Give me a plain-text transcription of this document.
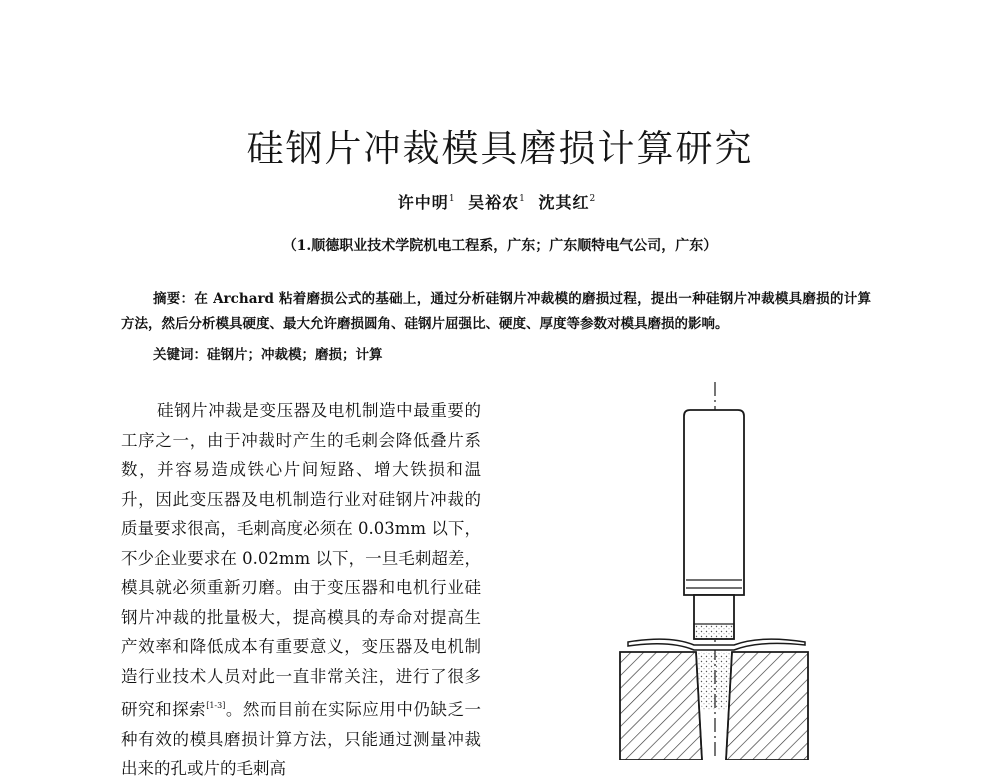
硅钢片冲裁模具磨损计算研究
许中明$^1$ 吴裕农$^1$ 沈其红$^2$
（1.顺德职业技术学院机电工程系，广东；广东顺特电气公司，广东）
摘要：在 Archard 粘着磨损公式的基础上，通过分析硅钢片冲裁模的磨损过程，提出一种硅钢片冲裁模具磨损的计算方法，然后分析模具硬度、最大允许磨损圆角、硅钢片屈强比、硬度、厚度等参数对模具磨损的影响。
关键词：硅钢片；冲裁模；磨损；计算
硅钢片冲裁是变压器及电机制造中最重要的工序之一，由于冲裁时产生的毛刺会降低叠片系数，并容易造成铁心片间短路、增大铁损和温升，因此变压器及电机制造行业对硅钢片冲裁的质量要求很高，毛刺高度必须在 0.03mm 以下，不少企业要求在 0.02mm 以下，一旦毛刺超差，模具就必须重新刃磨。由于变压器和电机行业硅钢片冲裁的批量极大，提高模具的寿命对提高生产效率和降低成本有重要意义，变压器及电机制造行业技术人员对此一直非常关注，进行了很多研究和探索[1-3]。然而目前在实际应用中仍缺乏一种有效的模具磨损计算方法，只能通过测量冲裁出来的孔或片的毛刺高
